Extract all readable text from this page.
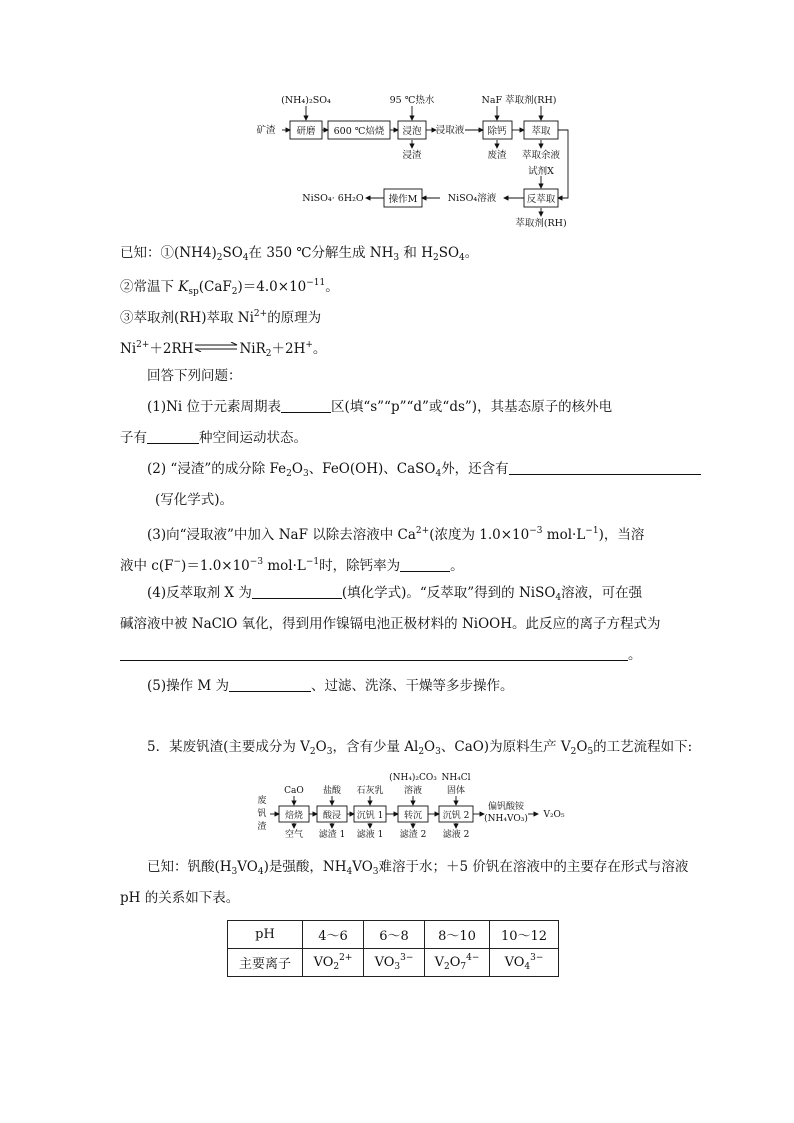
(NH₄)₂SO₄	95 ℃热水	NaF 萃取剂(RH)
矿渣 研磨 600 ℃焙烧 浸泡 浸取液 除钙	萃取
浸渣	废渣 萃取余液
试剂X
反萃取
NiSO₄溶液
操作M
NiSO₄· 6H₂O
萃取剂(RH)
已知：$①(NH4)_2SO_4$在 350 ℃分解生成 $NH_3$ 和 $H_2SO_4$。
②常温下 $K_{sp}(CaF_2)=4.0\times 10^{-11}$。
③萃取剂(RH)萃取 $Ni^{2+}$的原理为
$Ni^{2+}+2RH\rightleftharpoons NiR_2+2H^+$。
回答下列问题：
(1)Ni 位于元素周期表	区(填“s”“p”“d”或“ds”)，其基态原子的核外电
子有	种空间运动状态。
(2) “浸渣”的成分除 $Fe_2O_3$、FeO(OH)、CaSO$_4$外，还含有
(写化学式)。
(3)向“浸取液”中加入 NaF 以除去溶液中 $Ca^{2+}$(浓度为 $1.0\times 10^{-3}$ $mol\cdot L^{-1}$)，当溶
液中 $c(F^-)=1.0\times 10^{-3}$ $mol\cdot L^{-1}$时，除钙率为	。
(4)反萃取剂 X 为	(填化学式)。“反萃取”得到的 NiSO$_4$溶液，可在强
碱溶液中被 NaClO 氧化，得到用作镍镉电池正极材料的 NiOOH。此反应的离子方程式为
。
(5)操作 M 为	、过滤、洗涤、干燥等多步操作。
5．某废钒渣(主要成分为 $V_2O_3$，含有少量 $Al_2O_3$、CaO)为原料生产 $V_2O_5$的工艺流程如下:
废
钒
渣
CaO 盐酸 石灰乳
(NH₄)₂CO₃
溶液
NH₄Cl
固体
焙烧 酸浸 沉钒 1 转沉 沉钒 2
偏钒酸铵
(NH₄VO₃) V₂O₅
空气 滤渣 1 滤液 1 滤渣 2 滤液 2
已知：钒酸$(H_3VO_4)$是强酸，$NH_4VO_3$难溶于水；＋5 价钒在溶液中的主要存在形式与溶液
pH 的关系如下表。
pH	4～6	6～8	8～10	10～12
主要离子	$VO_2^{2+}$	$VO_3^{3-}$	$V_2O_7^{4-}$	$VO_4^{3-}$
